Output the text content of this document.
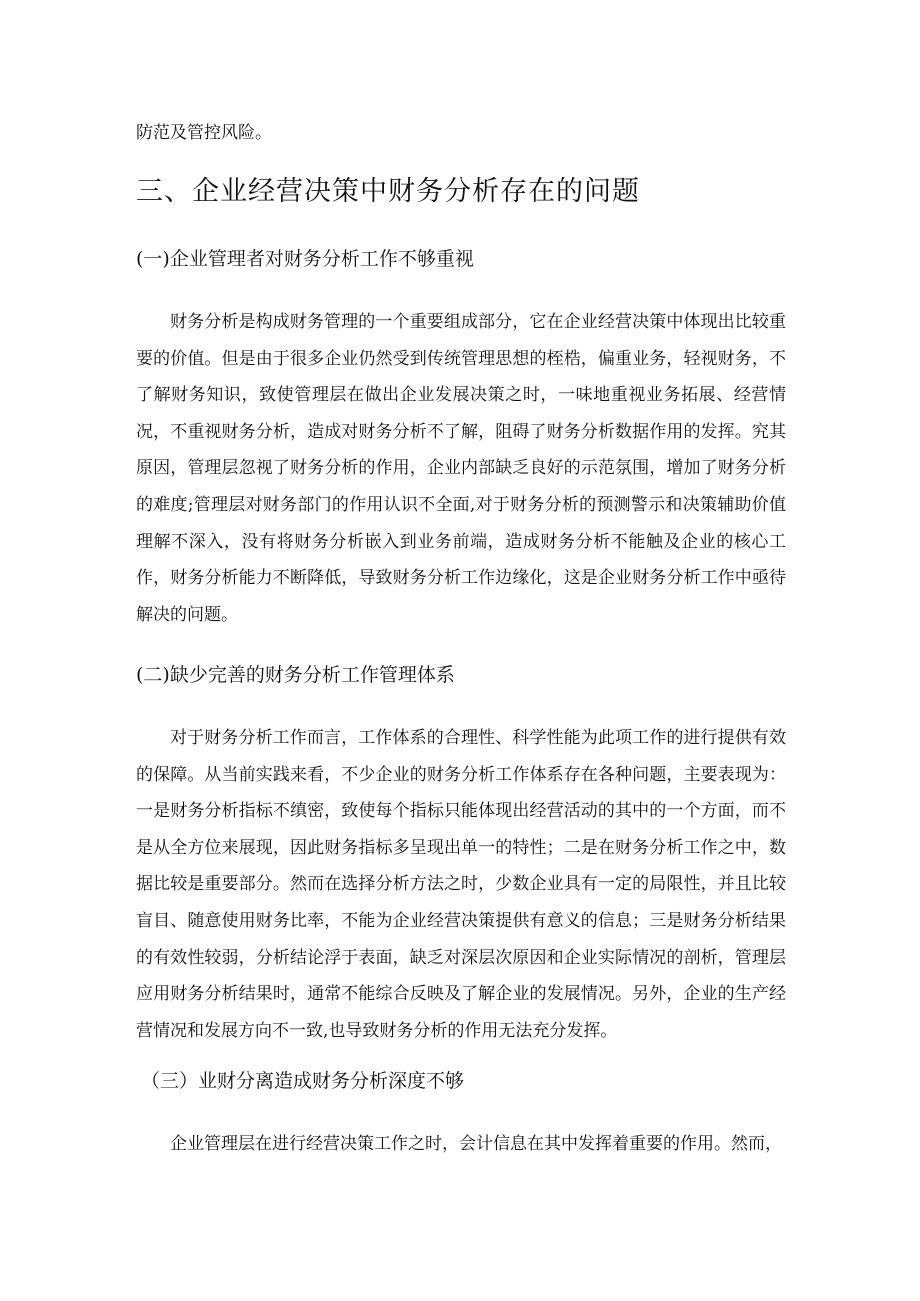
防范及管控风险。

三、企业经营决策中财务分析存在的问题
(一)企业管理者对财务分析工作不够重视

财务分析是构成财务管理的一个重要组成部分，它在企业经营决策中体现出比较重要的价值。但是由于很多企业仍然受到传统管理思想的桎梏，偏重业务，轻视财务，不了解财务知识，致使管理层在做出企业发展决策之时，一味地重视业务拓展、经营情况，不重视财务分析，造成对财务分析不了解，阻碍了财务分析数据作用的发挥。究其原因，管理层忽视了财务分析的作用，企业内部缺乏良好的示范氛围，增加了财务分析的难度;管理层对财务部门的作用认识不全面,对于财务分析的预测警示和决策辅助价值理解不深入，没有将财务分析嵌入到业务前端，造成财务分析不能触及企业的核心工作，财务分析能力不断降低，导致财务分析工作边缘化，这是企业财务分析工作中亟待解决的问题。

(二)缺少完善的财务分析工作管理体系

对于财务分析工作而言，工作体系的合理性、科学性能为此项工作的进行提供有效的保障。从当前实践来看，不少企业的财务分析工作体系存在各种问题，主要表现为：一是财务分析指标不缜密，致使每个指标只能体现出经营活动的其中的一个方面，而不是从全方位来展现，因此财务指标多呈现出单一的特性；二是在财务分析工作之中，数据比较是重要部分。然而在选择分析方法之时，少数企业具有一定的局限性，并且比较盲目、随意使用财务比率，不能为企业经营决策提供有意义的信息；三是财务分析结果的有效性较弱，分析结论浮于表面，缺乏对深层次原因和企业实际情况的剖析，管理层应用财务分析结果时，通常不能综合反映及了解企业的发展情况。另外，企业的生产经营情况和发展方向不一致,也导致财务分析的作用无法充分发挥。

（三）业财分离造成财务分析深度不够

企业管理层在进行经营决策工作之时，会计信息在其中发挥着重要的作用。然而，
